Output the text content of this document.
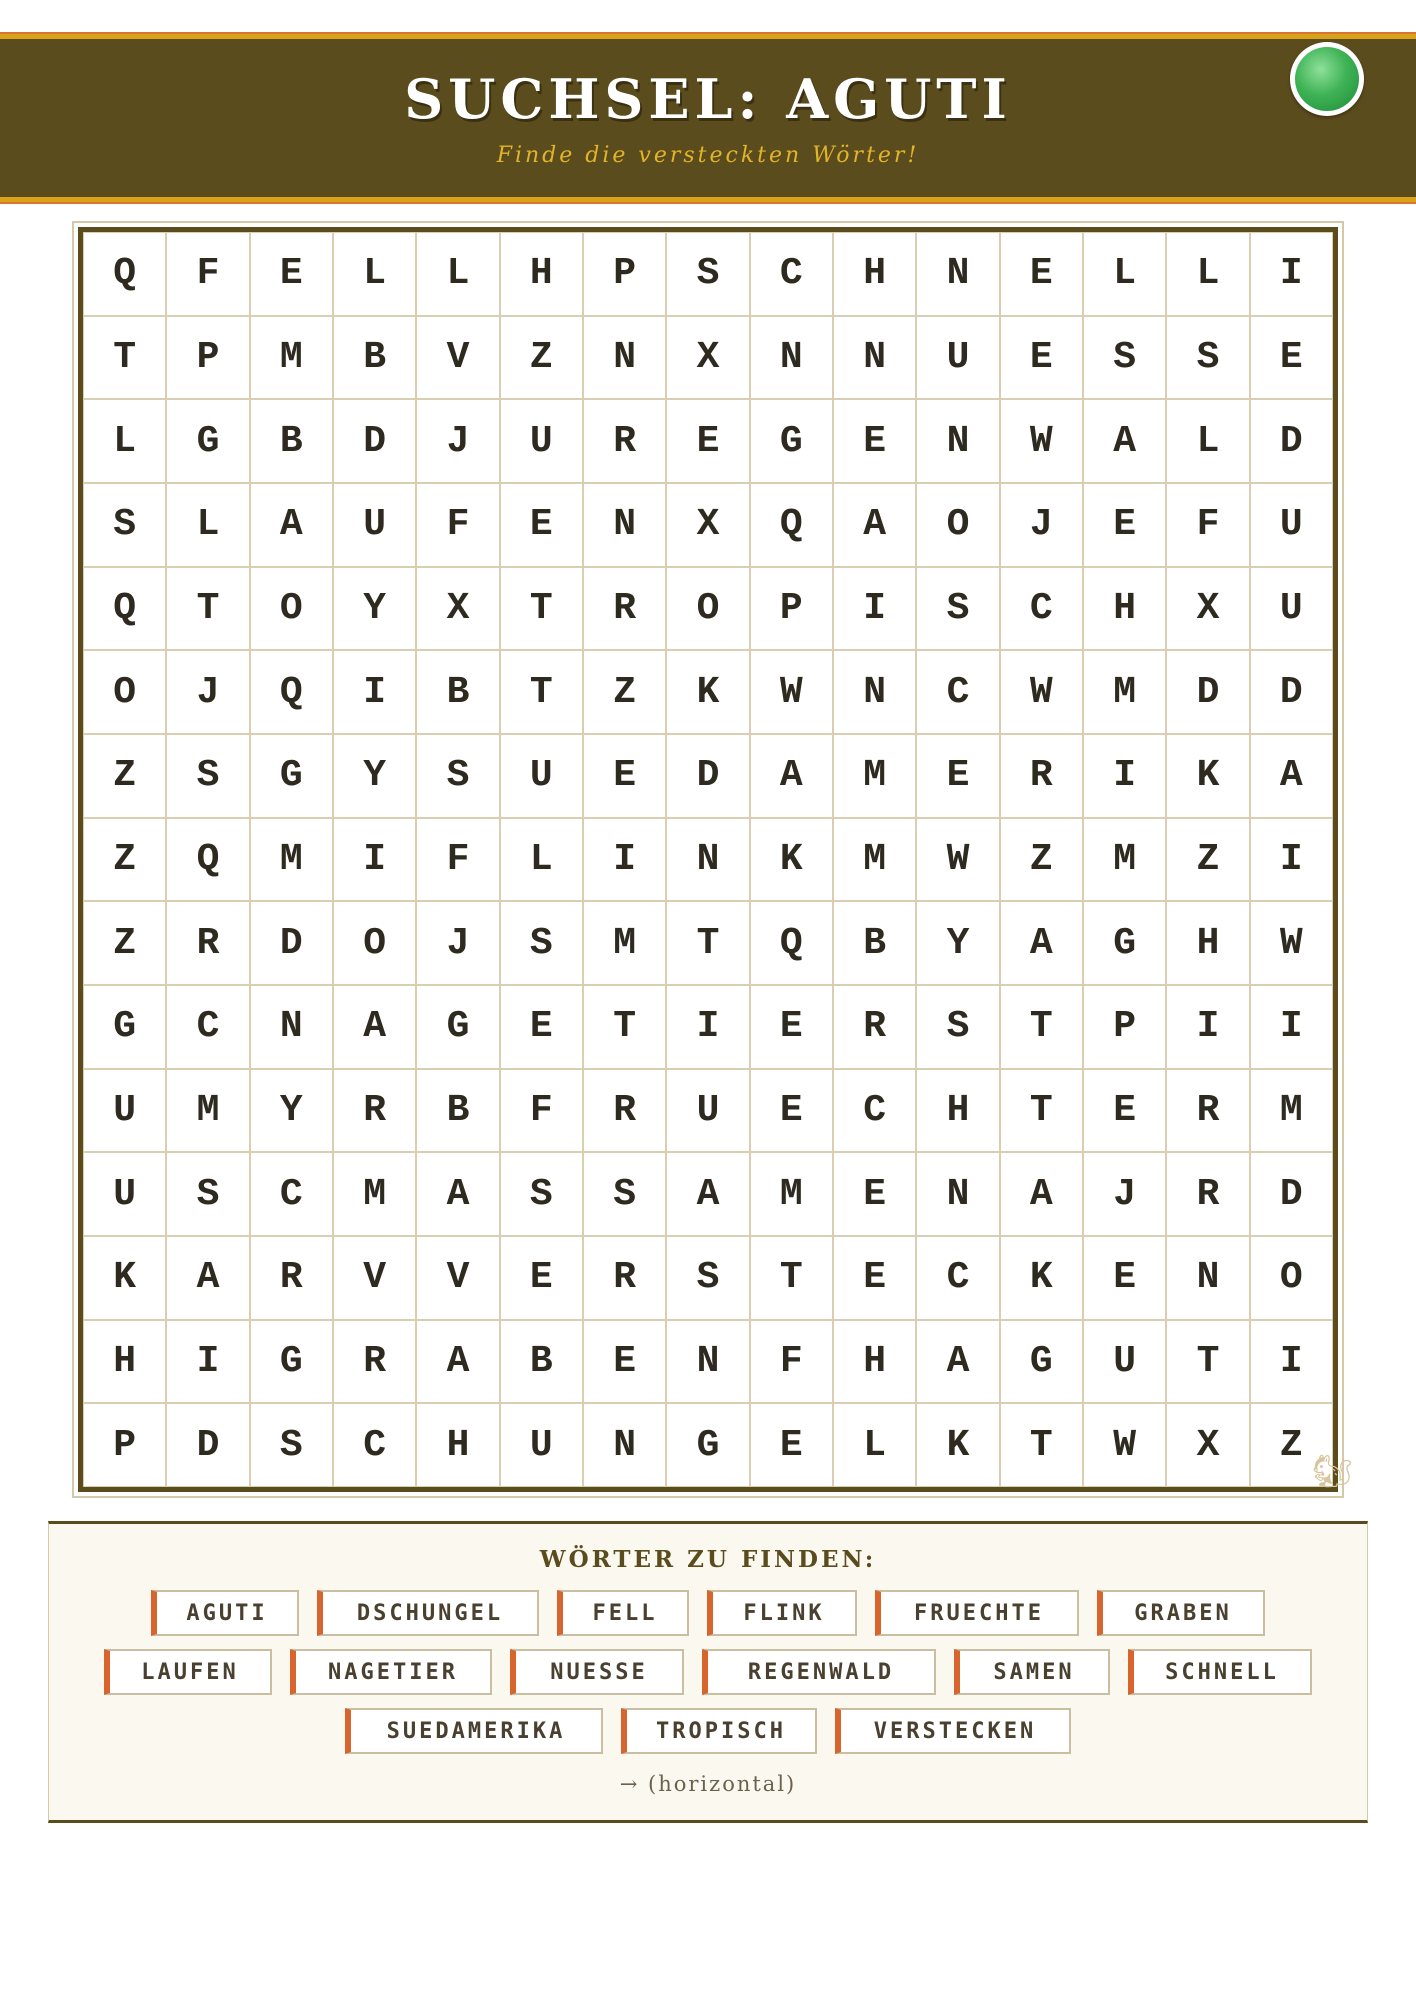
SUCHSEL: AGUTI
Finde die versteckten Wörter!
Q	F	E	L	L	H	P	S	C	H	N	E	L	L	I
T	P	M	B	V	Z	N	X	N	N	U	E	S	S	E
L	G	B	D	J	U	R	E	G	E	N	W	A	L	D
S	L	A	U	F	E	N	X	Q	A	O	J	E	F	U
Q	T	O	Y	X	T	R	O	P	I	S	C	H	X	U
O	J	Q	I	B	T	Z	K	W	N	C	W	M	D	D
Z	S	G	Y	S	U	E	D	A	M	E	R	I	K	A
Z	Q	M	I	F	L	I	N	K	M	W	Z	M	Z	I
Z	R	D	O	J	S	M	T	Q	B	Y	A	G	H	W
G	C	N	A	G	E	T	I	E	R	S	T	P	I	I
U	M	Y	R	B	F	R	U	E	C	H	T	E	R	M
U	S	C	M	A	S	S	A	M	E	N	A	J	R	D
K	A	R	V	V	E	R	S	T	E	C	K	E	N	O
H	I	G	R	A	B	E	N	F	H	A	G	U	T	I
P	D	S	C	H	U	N	G	E	L	K	T	W	X	Z
🐿
WÖRTER ZU FINDEN:
AGUTI	DSCHUNGEL	FELL	FLINK	FRUECHTE	GRABEN
LAUFEN	NAGETIER	NUESSE	REGENWALD	SAMEN	SCHNELL
SUEDAMERIKA	TROPISCH	VERSTECKEN
→ (horizontal)
